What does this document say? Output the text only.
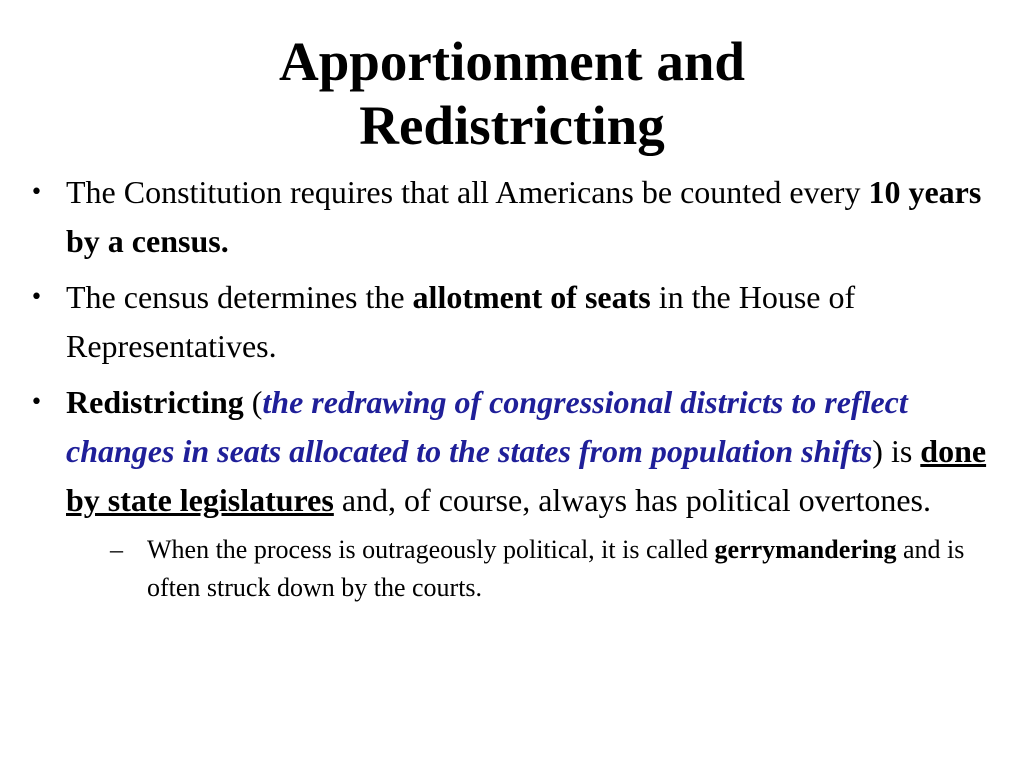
Apportionment and
Redistricting
• The Constitution requires that all Americans be counted every 10 years by a census.
• The census determines the allotment of seats in the House of Representatives.
• Redistricting (the redrawing of congressional districts to reflect changes in seats allocated to the states from population shifts) is done by state legislatures and, of course, always has political overtones.
– When the process is outrageously political, it is called gerrymandering and is often struck down by the courts.
